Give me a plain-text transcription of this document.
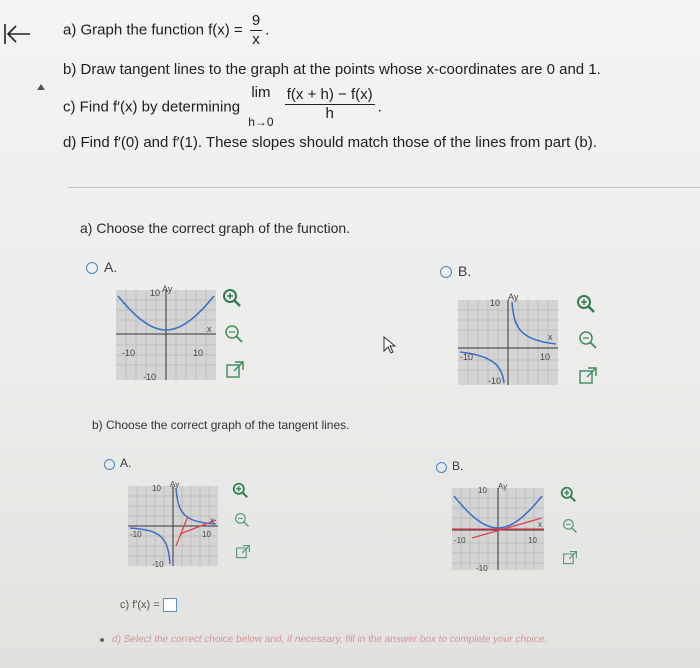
a) Graph the function $f(x) = \frac{9}{x}$ .
b) Draw tangent lines to the graph at the points whose x-coordinates are 0 and 1.
c) Find f′(x) by determining
lim
h→0
$\frac{f(x + h) - f(x)}{h}$ .
d) Find f′(0) and f′(1). These slopes should match those of the lines from part (b).
a) Choose the correct graph of the function.
A.	B.
10
-10	10
-10
x
Ay
10
-10	10
-10
x
Ay
b) Choose the correct graph of the tangent lines.
A.	B.
10
-10	10
-10
x
Ay
10
-10	10
-10
x
Ay
c) f′(x) =
d) Select the correct choice below and, if necessary, fill in the answer box to complete your choice.
